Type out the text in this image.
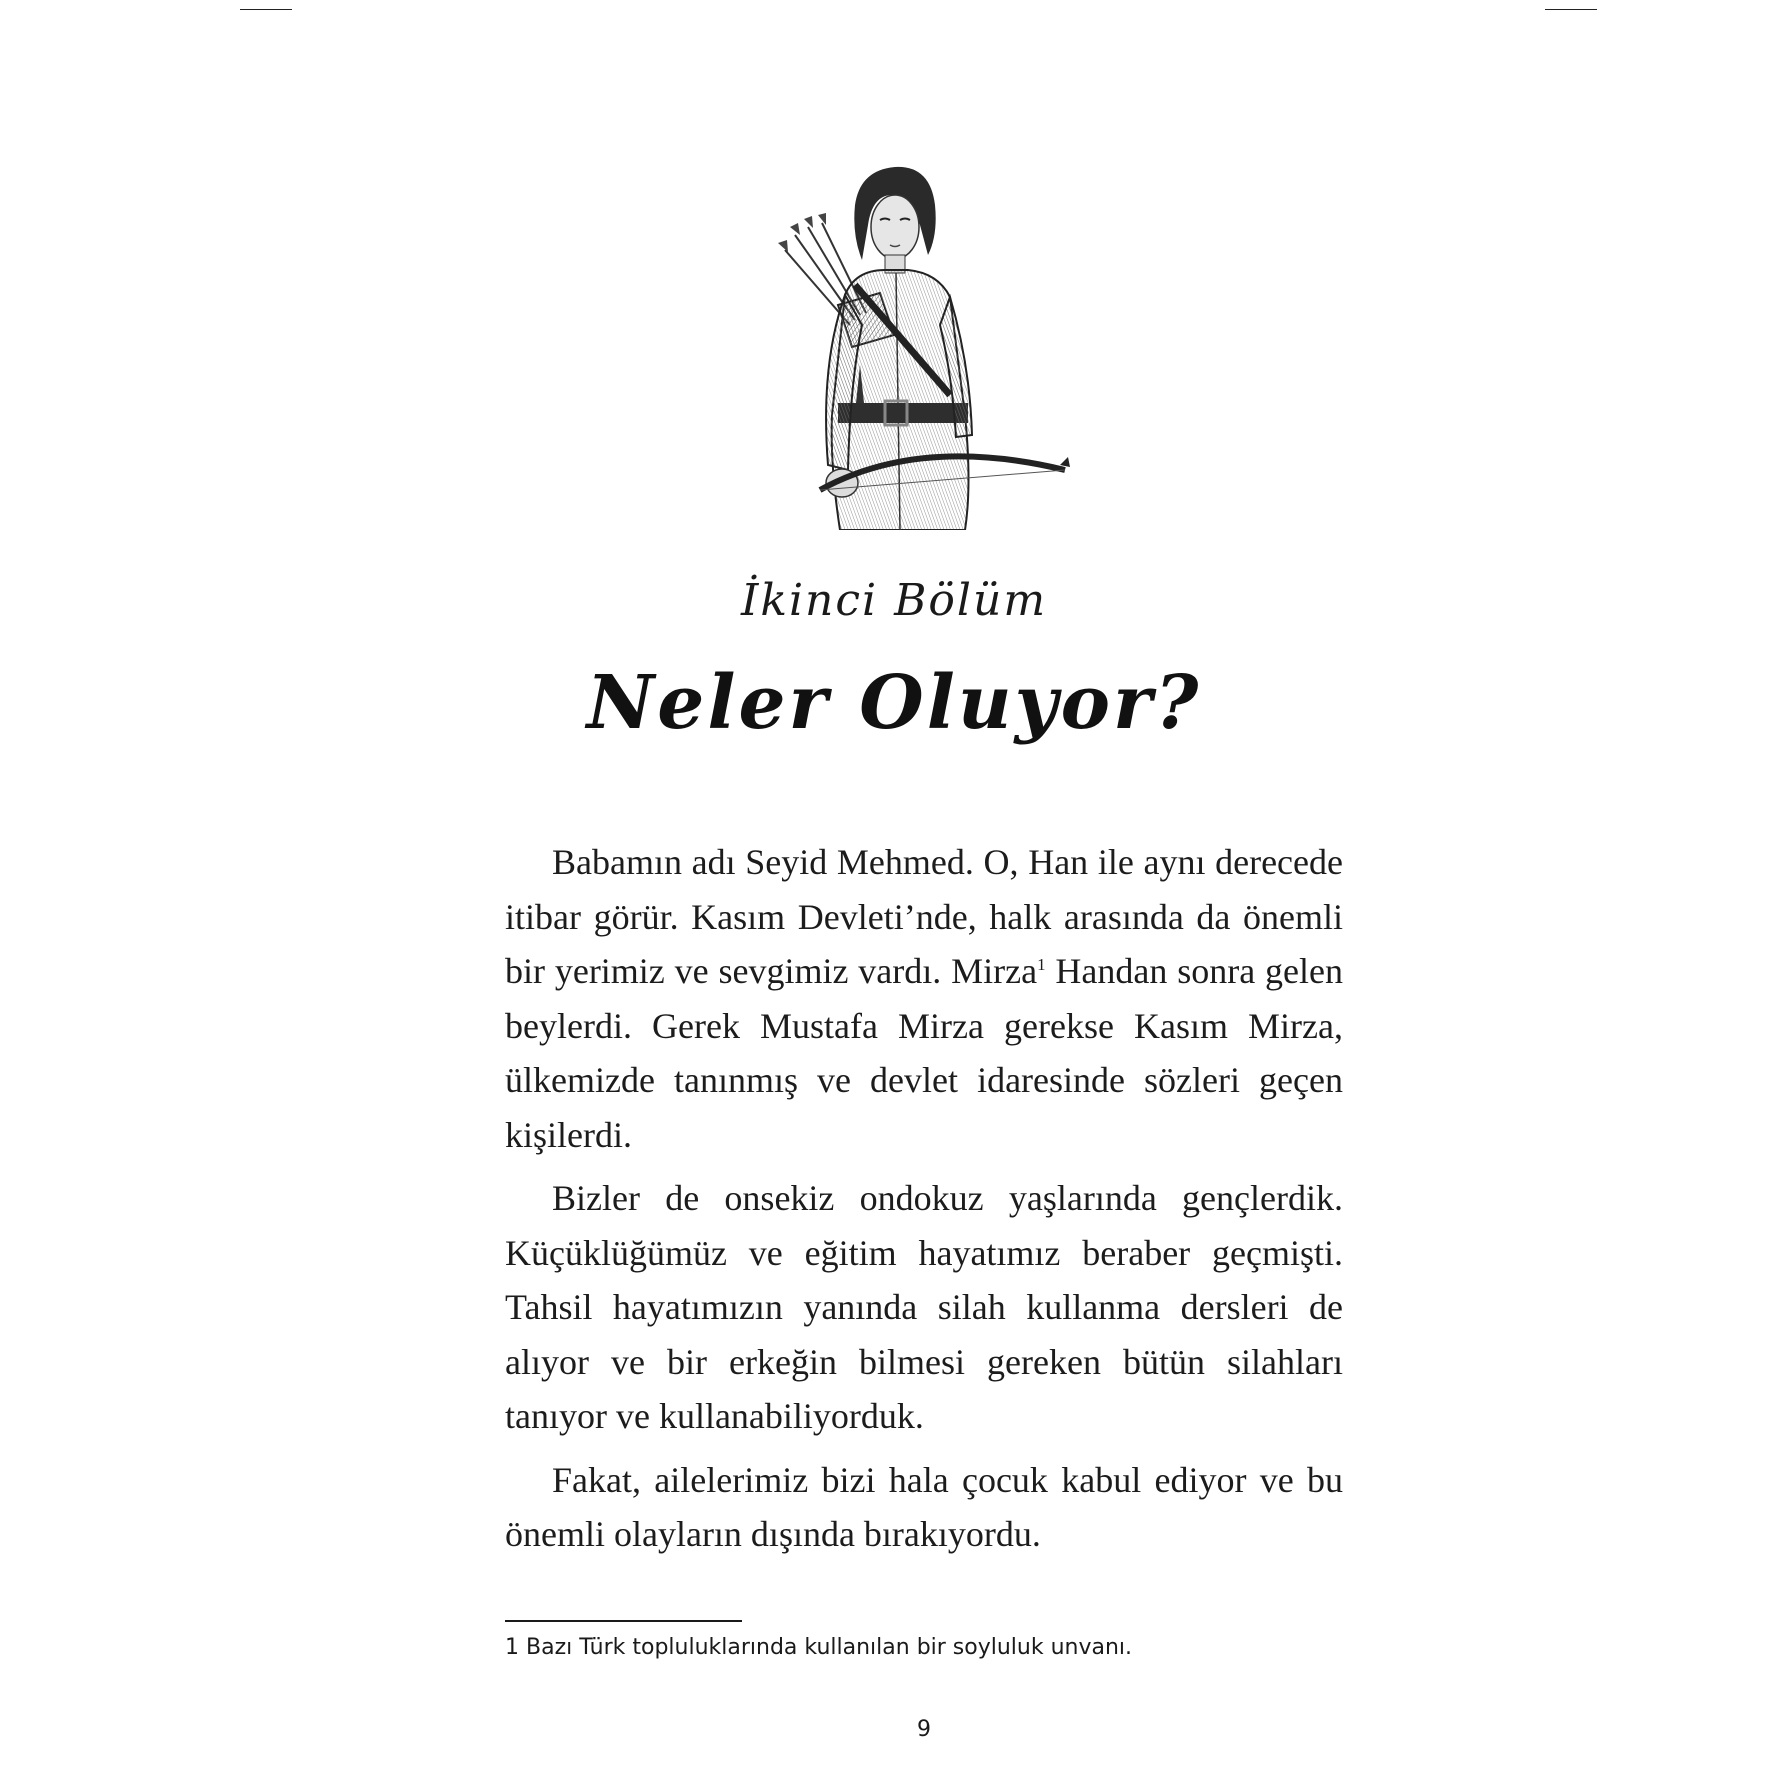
İkinci Bölüm
Neler Oluyor?

Babamın adı Seyid Mehmed. O, Han ile aynı derecede itibar görür. Kasım Devleti’nde, halk arasında da önemli bir yerimiz ve sevgimiz vardı. Mirza$^1$ Handan sonra gelen beylerdi. Gerek Mustafa Mirza gerekse Kasım Mirza, ülkemizde tanınmış ve devlet idaresinde sözleri geçen kişilerdi.

Bizler de onsekiz ondokuz yaşlarında gençlerdik. Küçüklüğümüz ve eğitim hayatımız beraber geçmişti. Tahsil hayatımızın yanında silah kullanma dersleri de alıyor ve bir erkeğin bilmesi gereken bütün silahları tanıyor ve kullanabiliyorduk.

Fakat, ailelerimiz bizi hala çocuk kabul ediyor ve bu önemli olayların dışında bırakıyordu.

1 Bazı Türk topluluklarında kullanılan bir soyluluk unvanı.
9
